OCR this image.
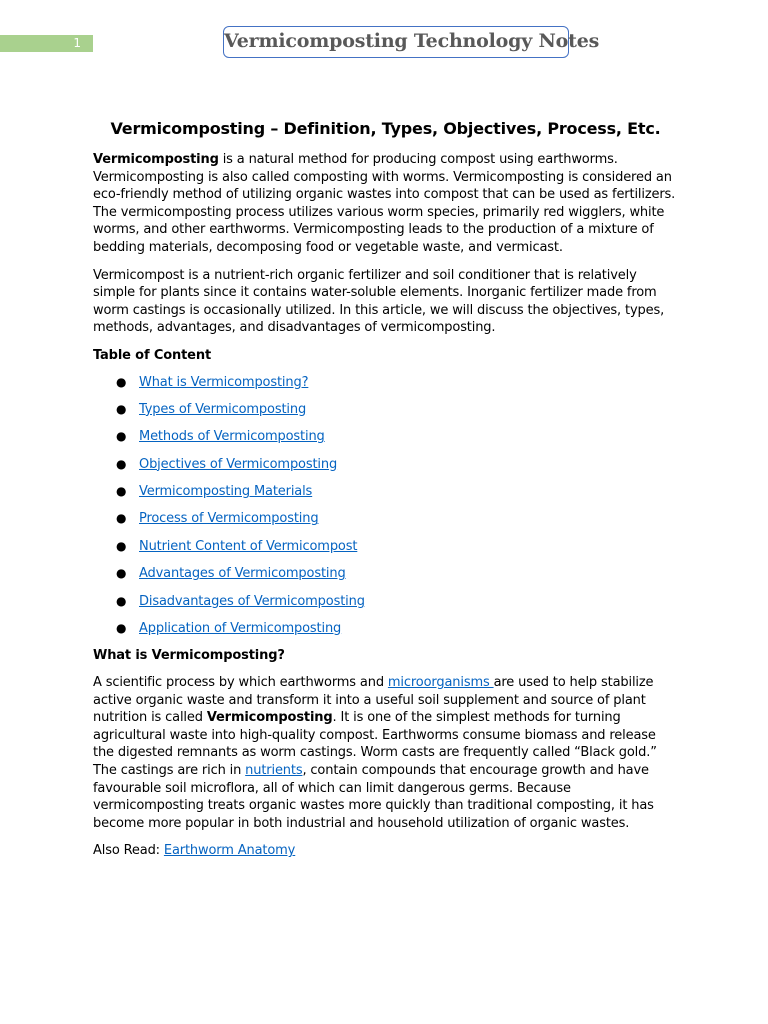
1	Vermicomposting Technology Notes
Vermicomposting – Definition, Types, Objectives, Process, Etc.

Vermicomposting is a natural method for producing compost using earthworms. Vermicomposting is also called composting with worms. Vermicomposting is considered an eco-friendly method of utilizing organic wastes into compost that can be used as fertilizers. The vermicomposting process utilizes various worm species, primarily red wigglers, white worms, and other earthworms. Vermicomposting leads to the production of a mixture of bedding materials, decomposing food or vegetable waste, and vermicast.

Vermicompost is a nutrient-rich organic fertilizer and soil conditioner that is relatively simple for plants since it contains water-soluble elements. Inorganic fertilizer made from worm castings is occasionally utilized. In this article, we will discuss the objectives, types, methods, advantages, and disadvantages of vermicomposting.

Table of Content
● What is Vermicomposting?
● Types of Vermicomposting
● Methods of Vermicomposting
● Objectives of Vermicomposting
● Vermicomposting Materials
● Process of Vermicomposting
● Nutrient Content of Vermicompost
● Advantages of Vermicomposting
● Disadvantages of Vermicomposting
● Application of Vermicomposting
What is Vermicomposting?

A scientific process by which earthworms and microorganisms are used to help stabilize active organic waste and transform it into a useful soil supplement and source of plant nutrition is called Vermicomposting. It is one of the simplest methods for turning agricultural waste into high-quality compost. Earthworms consume biomass and release the digested remnants as worm castings. Worm casts are frequently called “Black gold.” The castings are rich in nutrients, contain compounds that encourage growth and have favourable soil microflora, all of which can limit dangerous germs. Because vermicomposting treats organic wastes more quickly than traditional composting, it has become more popular in both industrial and household utilization of organic wastes.

Also Read: Earthworm Anatomy
